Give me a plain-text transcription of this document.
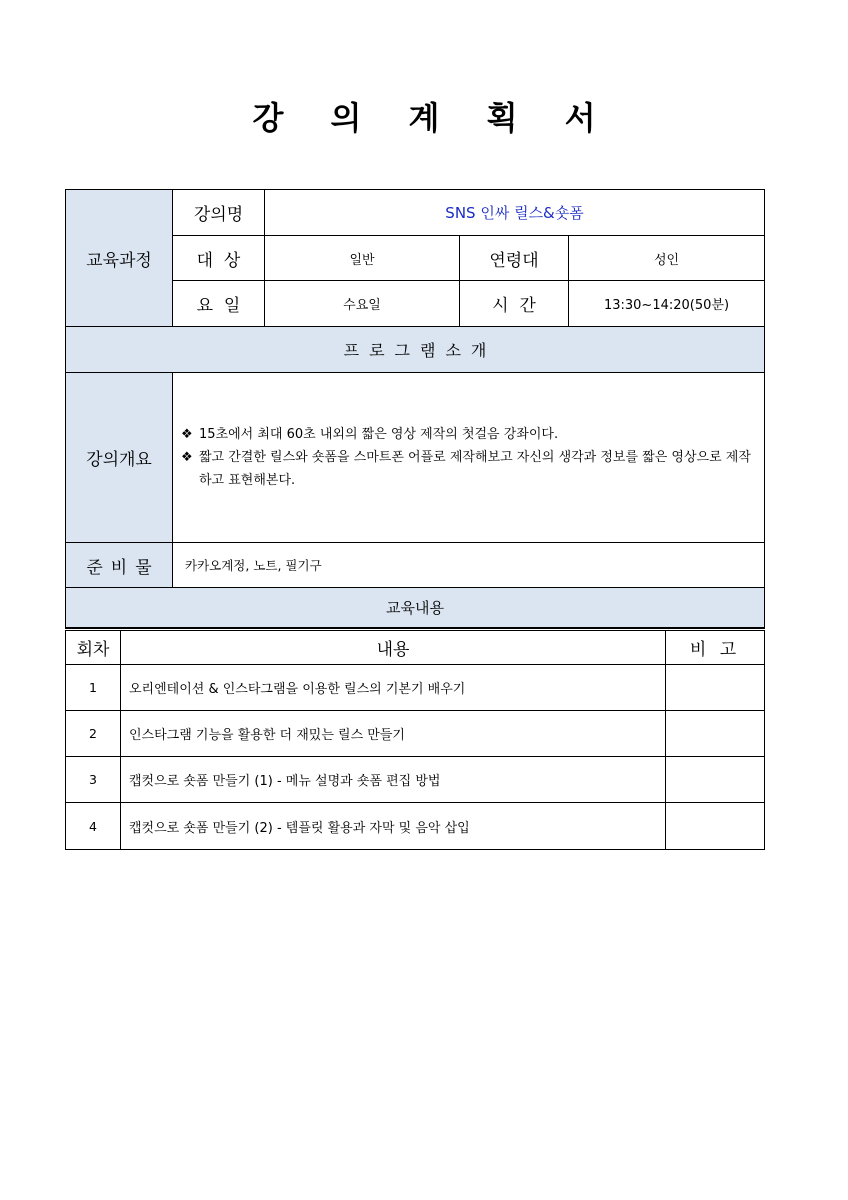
강 의 계 획 서
교육과정	강의명	SNS 인싸 릴스&숏폼		
	대  상	일반	연령대	성인
	요  일	수요일	시  간	13:30~14:20(50분)
프로그램소개				
강의개요	❖ 15초에서 최대 60초 내외의 짧은 영상 제작의 첫걸음 강좌이다.
❖ 짧고 간결한 릴스와 숏폼을 스마트폰 어플로 제작해보고 자신의 생각과 정보를 짧은 영상으로 제작하고 표현해본다.			

준비물	카카오계정, 노트, 필기구			
교육내용				
회차	내용	비 고
1	오리엔테이션 & 인스타그램을 이용한 릴스의 기본기 배우기	
2	인스타그램 기능을 활용한 더 재밌는 릴스 만들기	
3	캡컷으로 숏폼 만들기 (1) - 메뉴 설명과 숏폼 편집 방법	
4	캡컷으로 숏폼 만들기 (2) - 템플릿 활용과 자막 및 음악 삽입	
